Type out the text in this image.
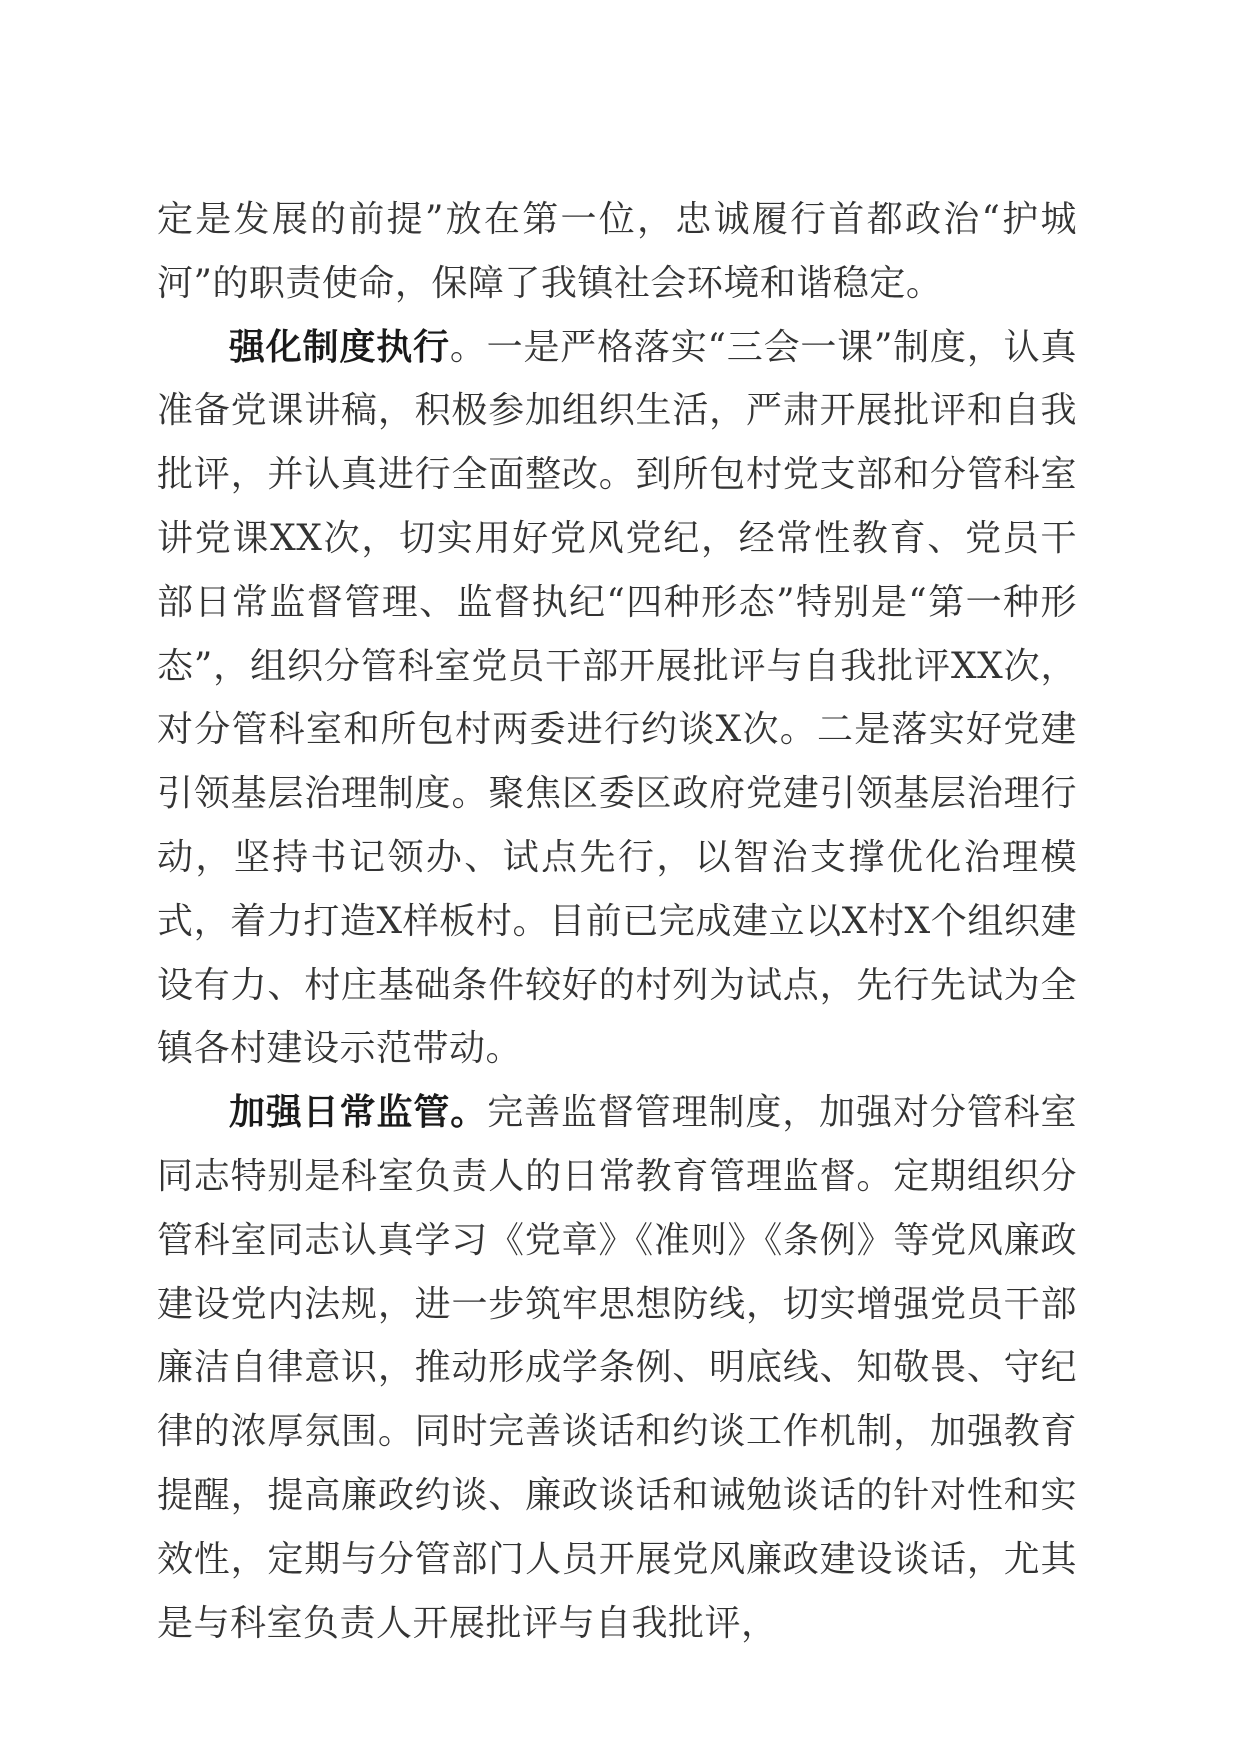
定是发展的前提”放在第一位，忠诚履行首都政治“护城河”的职责使命，保障了我镇社会环境和谐稳定。

强化制度执行。一是严格落实“三会一课”制度，认真准备党课讲稿，积极参加组织生活，严肃开展批评和自我批评，并认真进行全面整改。到所包村党支部和分管科室讲党课XX次，切实用好党风党纪，经常性教育、党员干部日常监督管理、监督执纪“四种形态”特别是“第一种形态”，组织分管科室党员干部开展批评与自我批评XX次，对分管科室和所包村两委进行约谈X次。二是落实好党建引领基层治理制度。聚焦区委区政府党建引领基层治理行动，坚持书记领办、试点先行，以智治支撑优化治理模式，着力打造X样板村。目前已完成建立以X村X个组织建设有力、村庄基础条件较好的村列为试点，先行先试为全镇各村建设示范带动。

加强日常监管。完善监督管理制度，加强对分管科室同志特别是科室负责人的日常教育管理监督。定期组织分管科室同志认真学习《党章》《准则》《条例》等党风廉政建设党内法规，进一步筑牢思想防线，切实增强党员干部廉洁自律意识，推动形成学条例、明底线、知敬畏、守纪律的浓厚氛围。同时完善谈话和约谈工作机制，加强教育提醒，提高廉政约谈、廉政谈话和诫勉谈话的针对性和实效性，定期与分管部门人员开展党风廉政建设谈话，尤其是与科室负责人开展批评与自我批评，
